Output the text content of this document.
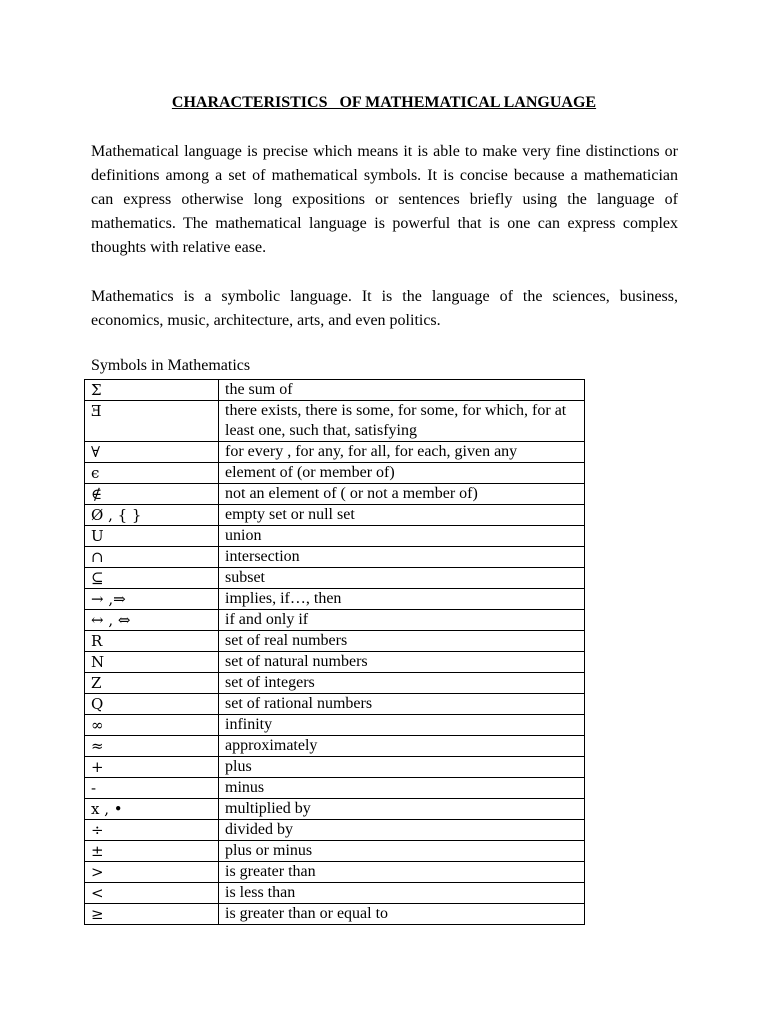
CHARACTERISTICS   OF MATHEMATICAL LANGUAGE

Mathematical language is precise which means it is able to make very fine distinctions or definitions among a set of mathematical symbols. It is concise because a mathematician can express otherwise long expositions or sentences briefly using the language of mathematics. The mathematical language is powerful that is one can express complex thoughts with relative ease.

Mathematics is a symbolic language. It is the language of the sciences, business, economics, music, architecture, arts, and even politics.

Symbols in Mathematics

Σ	the sum of
Ǝ	there exists, there is some, for some, for which, for at least one, such that, satisfying
∀	for every , for any, for all, for each, given any
ϵ	element of (or member of)
∉	not an element of ( or not a member of)
Ø , { }	empty set or null set
U	union
∩	intersection
⊆	subset
→ ,⇒	implies, if…, then
↔ , ⇔	if and only if
R	set of real numbers
N	set of natural numbers
Z	set of integers
Q	set of rational numbers
∞	infinity
≈	approximately
+	plus
-	minus
x , •	multiplied by
÷	divided by
±	plus or minus
>	is greater than
<	is less than
≥	is greater than or equal to
